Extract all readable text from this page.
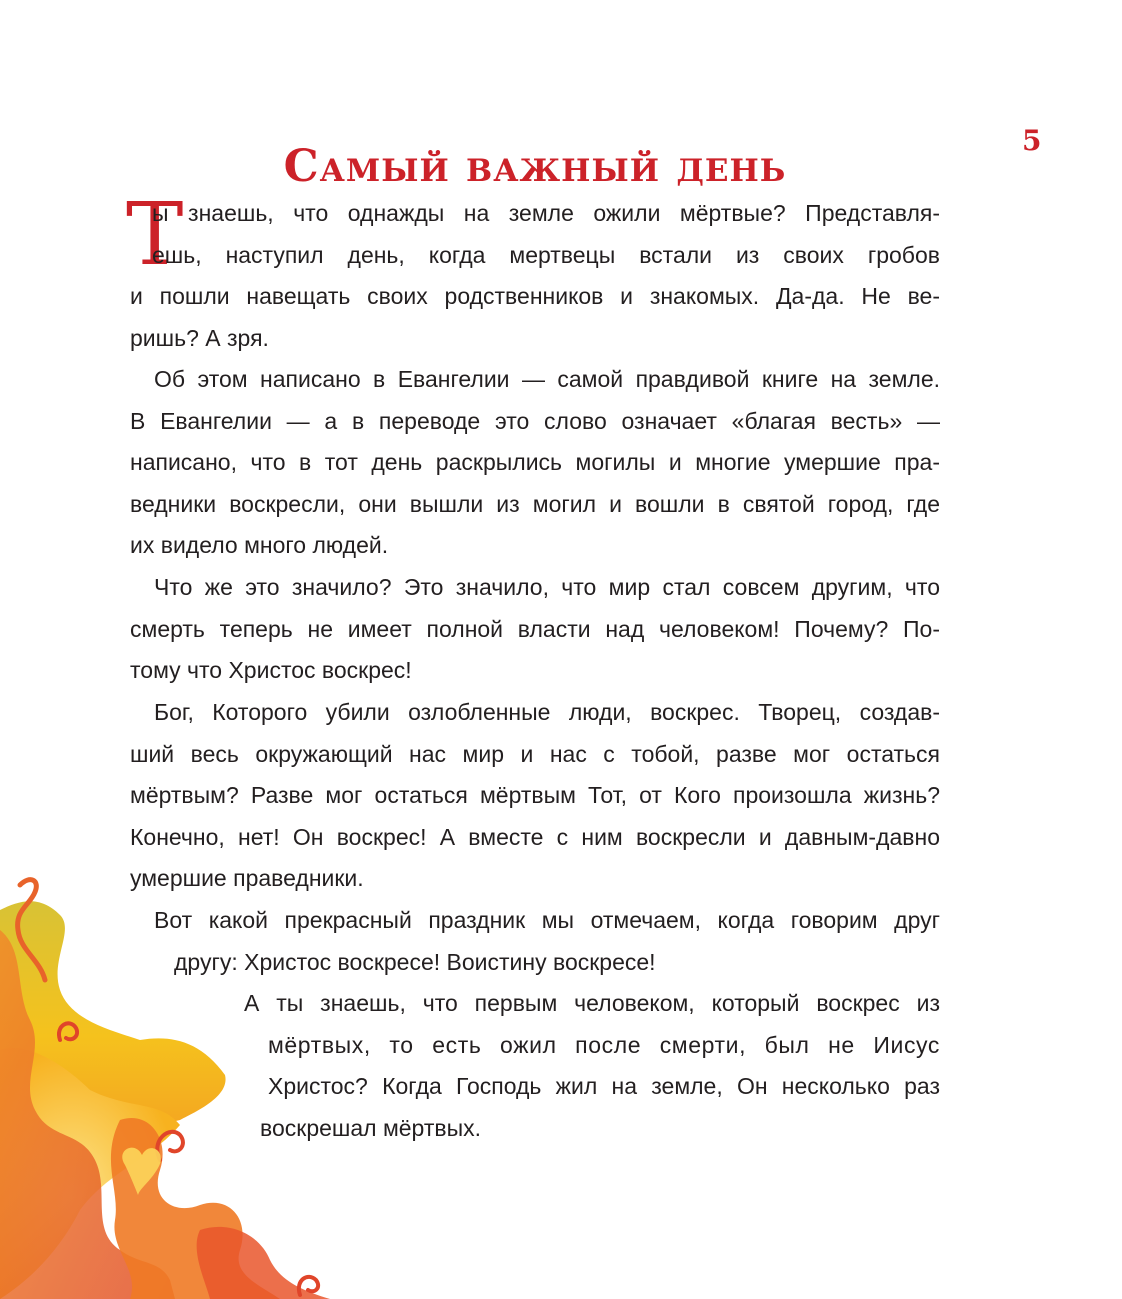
Самый важный день
5
Т
ы знаешь, что однажды на земле ожили мёртвые? Представля-
ешь, наступил день, когда мертвецы встали из своих гробов
и пошли навещать своих родственников и знакомых. Да-да. Не ве-
ришь? А зря.
Об этом написано в Евангелии — самой правдивой книге на земле.
В Евангелии — а в переводе это слово означает «благая весть» —
написано, что в тот день раскрылись могилы и многие умершие пра-
ведники воскресли, они вышли из могил и вошли в святой город, где
их видело много людей.
Что же это значило? Это значило, что мир стал совсем другим, что
смерть теперь не имеет полной власти над человеком! Почему? По-
тому что Христос воскрес!
Бог, Которого убили озлобленные люди, воскрес. Творец, создав-
ший весь окружающий нас мир и нас с тобой, разве мог остаться
мёртвым? Разве мог остаться мёртвым Тот, от Кого произошла жизнь?
Конечно, нет! Он воскрес! А вместе с ним воскресли и давным-давно
умершие праведники.
Вот какой прекрасный праздник мы отмечаем, когда говорим друг
другу: Христос воскресе! Воистину воскресе!
А ты знаешь, что первым человеком, который воскрес из
мёртвых, то есть ожил после смерти, был не Иисус
Христос? Когда Господь жил на земле, Он несколько раз
воскрешал мёртвых.
